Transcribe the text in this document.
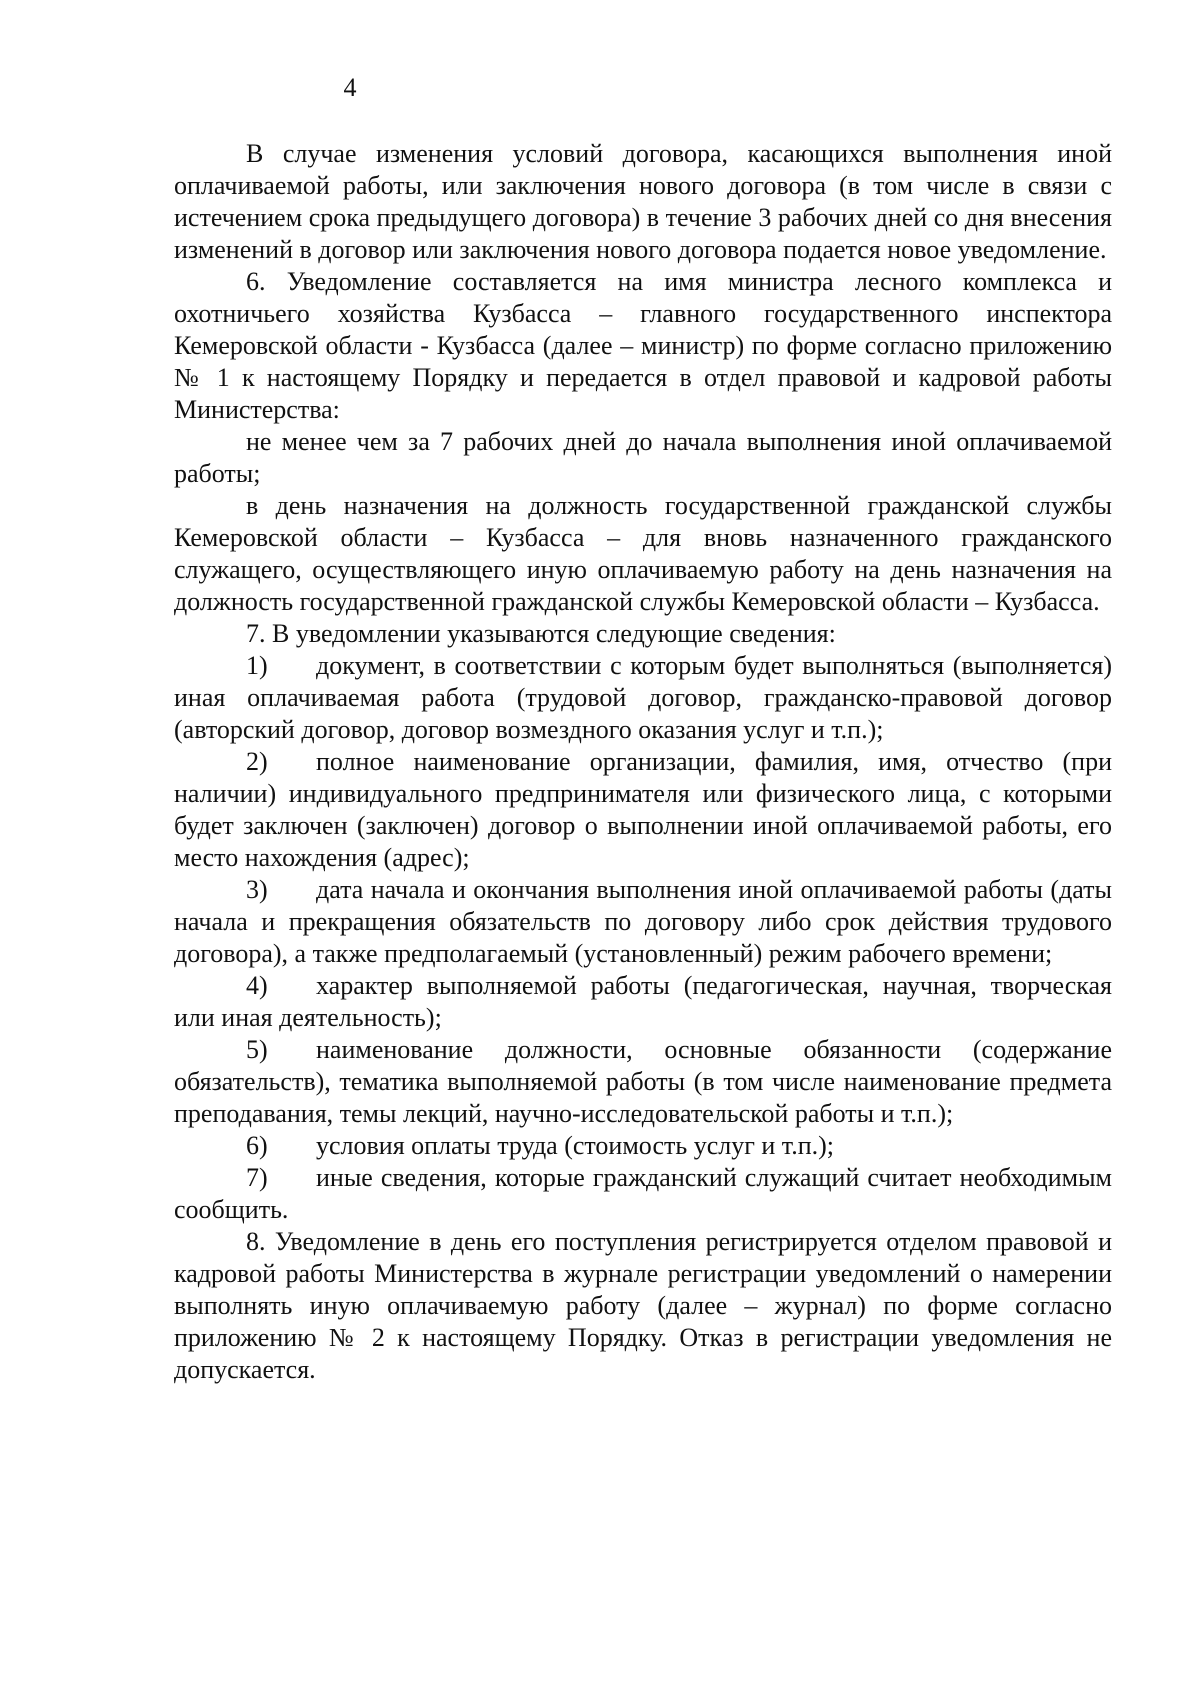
4

В случае изменения условий договора, касающихся выполнения иной оплачиваемой работы, или заключения нового договора (в том числе в связи с истечением срока предыдущего договора) в течение 3 рабочих дней со дня внесения изменений в договор или заключения нового договора подается новое уведомление.

6. Уведомление составляется на имя министра лесного комплекса и охотничьего хозяйства Кузбасса – главного государственного инспектора Кемеровской области - Кузбасса (далее – министр) по форме согласно приложению № 1 к настоящему Порядку и передается в отдел правовой и кадровой работы Министерства:

не менее чем за 7 рабочих дней до начала выполнения иной оплачиваемой работы;

в день назначения на должность государственной гражданской службы Кемеровской области – Кузбасса – для вновь назначенного гражданского служащего, осуществляющего иную оплачиваемую работу на день назначения на должность государственной гражданской службы Кемеровской области – Кузбасса.

7. В уведомлении указываются следующие сведения:

1) документ, в соответствии с которым будет выполняться (выполняется) иная оплачиваемая работа (трудовой договор, гражданско-правовой договор (авторский договор, договор возмездного оказания услуг и т.п.);

2) полное наименование организации, фамилия, имя, отчество (при наличии) индивидуального предпринимателя или физического лица, с которыми будет заключен (заключен) договор о выполнении иной оплачиваемой работы, его место нахождения (адрес);

3) дата начала и окончания выполнения иной оплачиваемой работы (даты начала и прекращения обязательств по договору либо срок действия трудового договора), а также предполагаемый (установленный) режим рабочего времени;

4) характер выполняемой работы (педагогическая, научная, творческая или иная деятельность);

5) наименование должности, основные обязанности (содержание обязательств), тематика выполняемой работы (в том числе наименование предмета преподавания, темы лекций, научно-исследовательской работы и т.п.);

6) условия оплаты труда (стоимость услуг и т.п.);

7) иные сведения, которые гражданский служащий считает необходимым сообщить.

8. Уведомление в день его поступления регистрируется отделом правовой и кадровой работы Министерства в журнале регистрации уведомлений о намерении выполнять иную оплачиваемую работу (далее – журнал) по форме согласно приложению № 2 к настоящему Порядку. Отказ в регистрации уведомления не допускается.
